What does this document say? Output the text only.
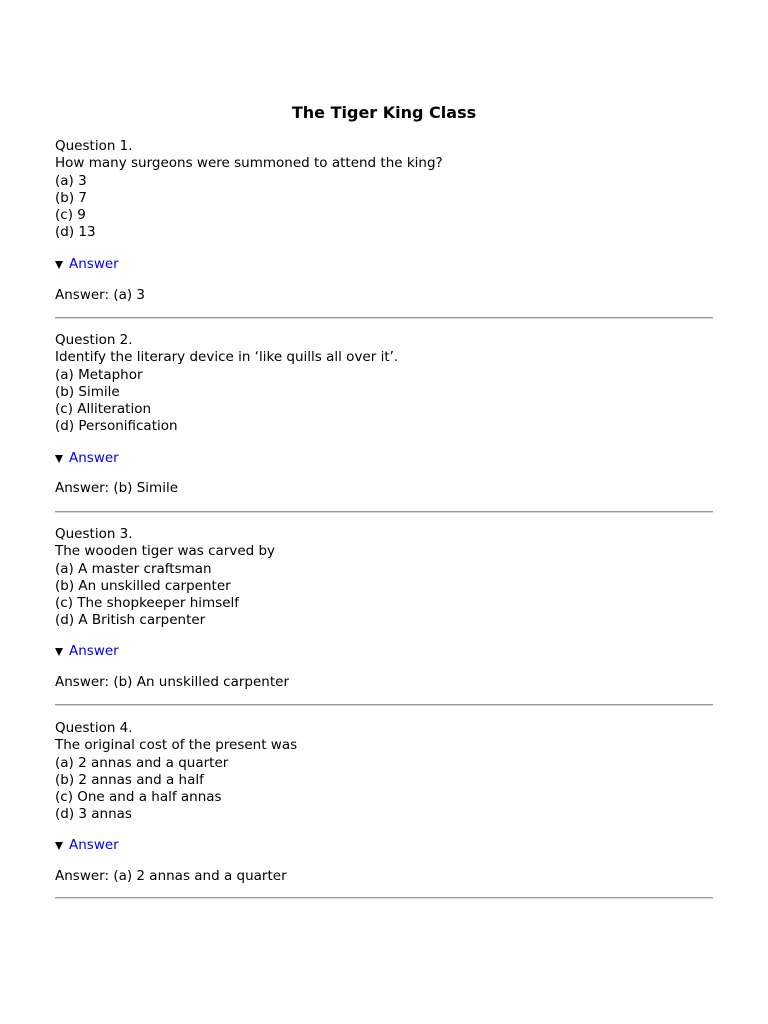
The Tiger King Class

Question 1.

How many surgeons were summoned to attend the king?

(a) 3

(b) 7

(c) 9

(d) 13

Answer
Answer: (a) 3

Question 2.

Identify the literary device in ‘like quills all over it’.

(a) Metaphor

(b) Simile

(c) Alliteration

(d) Personification

Answer
Answer: (b) Simile

Question 3.

The wooden tiger was carved by

(a) A master craftsman

(b) An unskilled carpenter

(c) The shopkeeper himself

(d) A British carpenter

Answer
Answer: (b) An unskilled carpenter

Question 4.

The original cost of the present was

(a) 2 annas and a quarter

(b) 2 annas and a half

(c) One and a half annas

(d) 3 annas

Answer
Answer: (a) 2 annas and a quarter
